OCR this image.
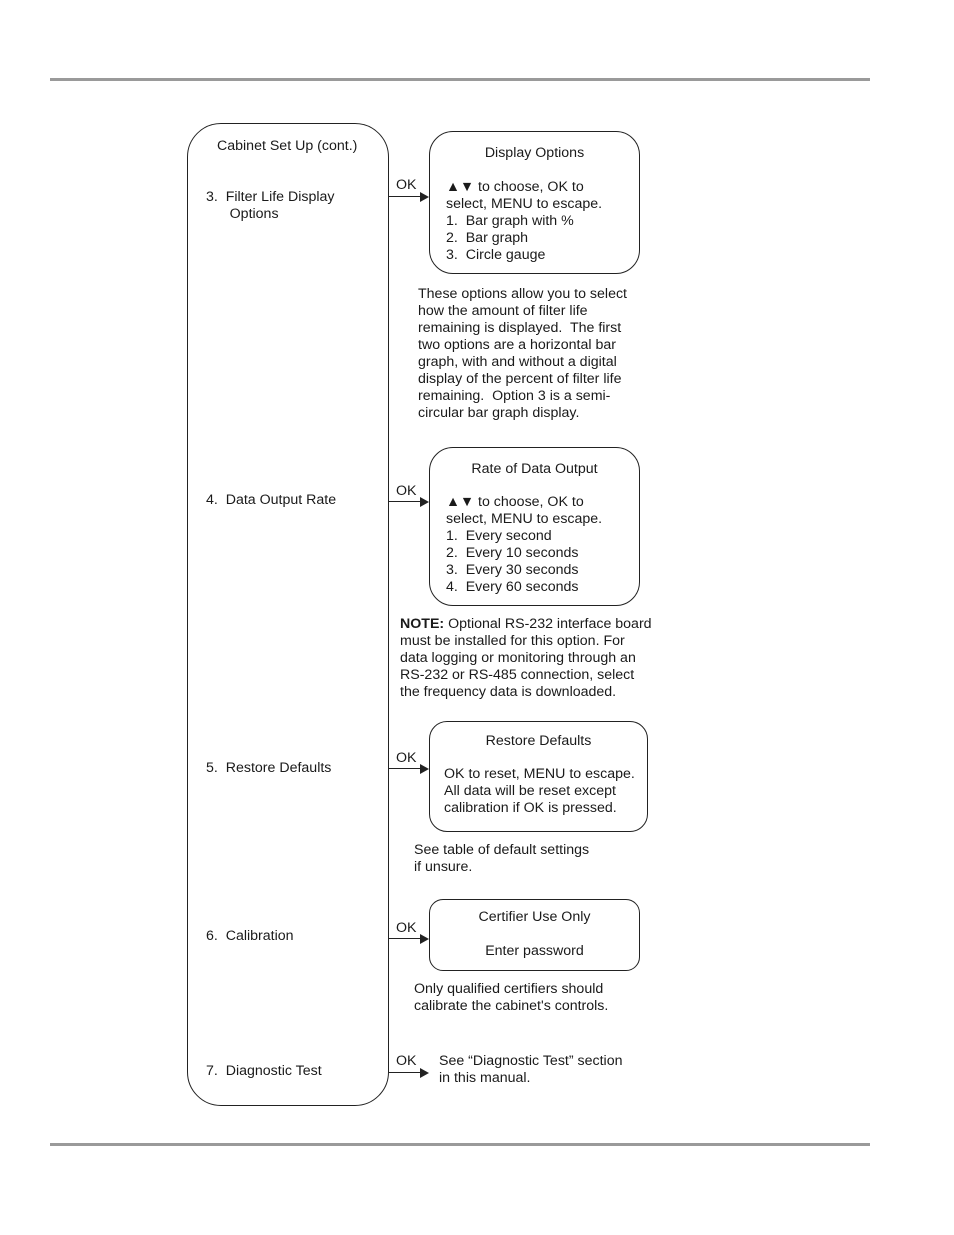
Cabinet Set Up (cont.)
3.  Filter Life Display
Options
4.  Data Output Rate
5.  Restore Defaults
6.  Calibration
7.  Diagnostic Test
OK
Display Options
▲▼ to choose, OK to
select, MENU to escape.
1.  Bar graph with %
2.  Bar graph
3.  Circle gauge
These options allow you to select
how the amount of filter life
remaining is displayed.  The first
two options are a horizontal bar
graph, with and without a digital
display of the percent of filter life
remaining.  Option 3 is a semi-
circular bar graph display.
OK
Rate of Data Output
▲▼ to choose, OK to
select, MENU to escape.
1.  Every second
2.  Every 10 seconds
3.  Every 30 seconds
4.  Every 60 seconds
NOTE: Optional RS-232 interface board
must be installed for this option. For
data logging or monitoring through an
RS-232 or RS-485 connection, select
the frequency data is downloaded.
OK
Restore Defaults
OK to reset, MENU to escape.
All data will be reset except
calibration if OK is pressed.
See table of default settings
if unsure.
OK
Certifier Use Only
Enter password
Only qualified certifiers should
calibrate the cabinet's controls.
OK See “Diagnostic Test” section
in this manual.
